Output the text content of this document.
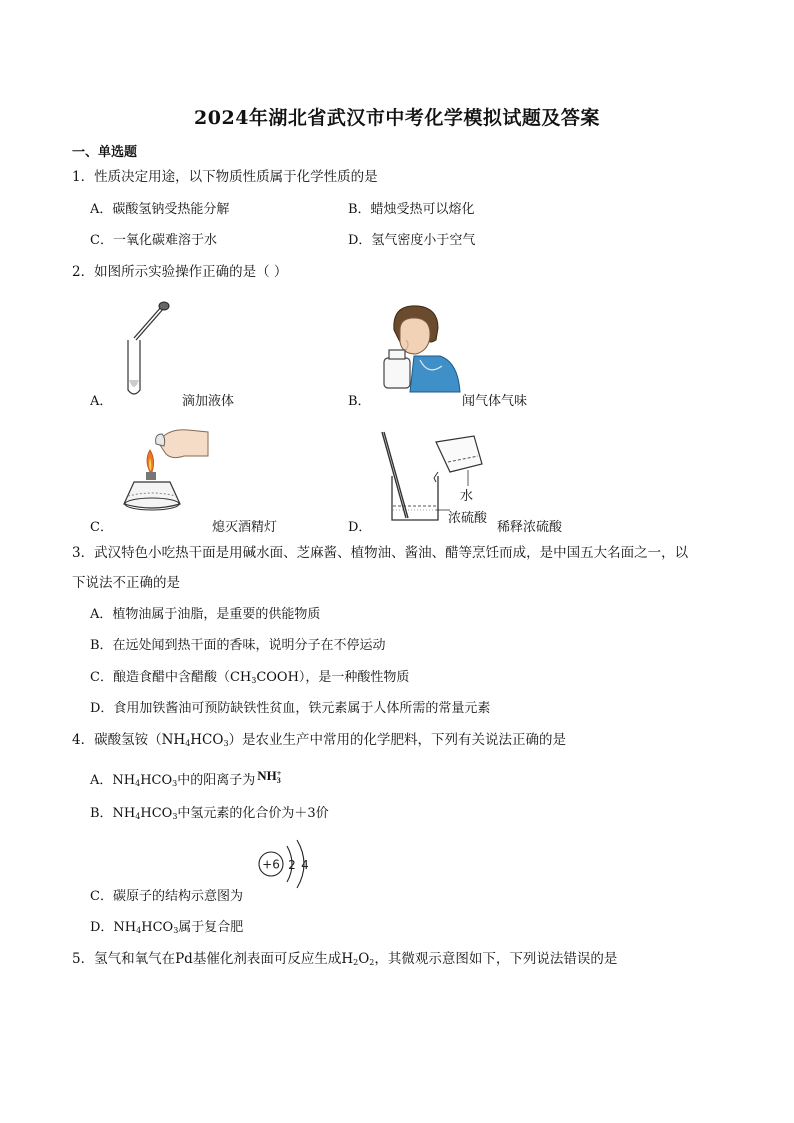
2024年湖北省武汉市中考化学模拟试题及答案
一、单选题
1．性质决定用途，以下物质性质属于化学性质的是
A．碳酸氢钠受热能分解	B．蜡烛受热可以熔化
C．一氧化碳难溶于水	D．氢气密度小于空气
2．如图所示实验操作正确的是（ ）
A．	滴加液体	B．	闻气体气味
C．	熄灭酒精灯
水
浓硫酸
D．	稀释浓硫酸
3．武汉特色小吃热干面是用碱水面、芝麻酱、植物油、酱油、醋等烹饪而成，是中国五大名面之一，以
下说法不正确的是
A．植物油属于油脂，是重要的供能物质
B．在远处闻到热干面的香味，说明分子在不停运动
C．酿造食醋中含醋酸$(CH_3COOH)$，是一种酸性物质
D．食用加铁酱油可预防缺铁性贫血，铁元素属于人体所需的常量元素
4．碳酸氢铵$(NH_4HCO_3)$是农业生产中常用的化学肥料，下列有关说法正确的是
A．$NH_4HCO_3$中的阳离子为 NH +
3
B．$NH_4HCO_3$中氢元素的化合价为＋3价
C．碳原子的结构示意图为
+6 2 4
D．$NH_4HCO_3$属于复合肥
5．氢气和氧气在Pd基催化剂表面可反应生成$H_2O_2$，其微观示意图如下，下列说法错误的是
